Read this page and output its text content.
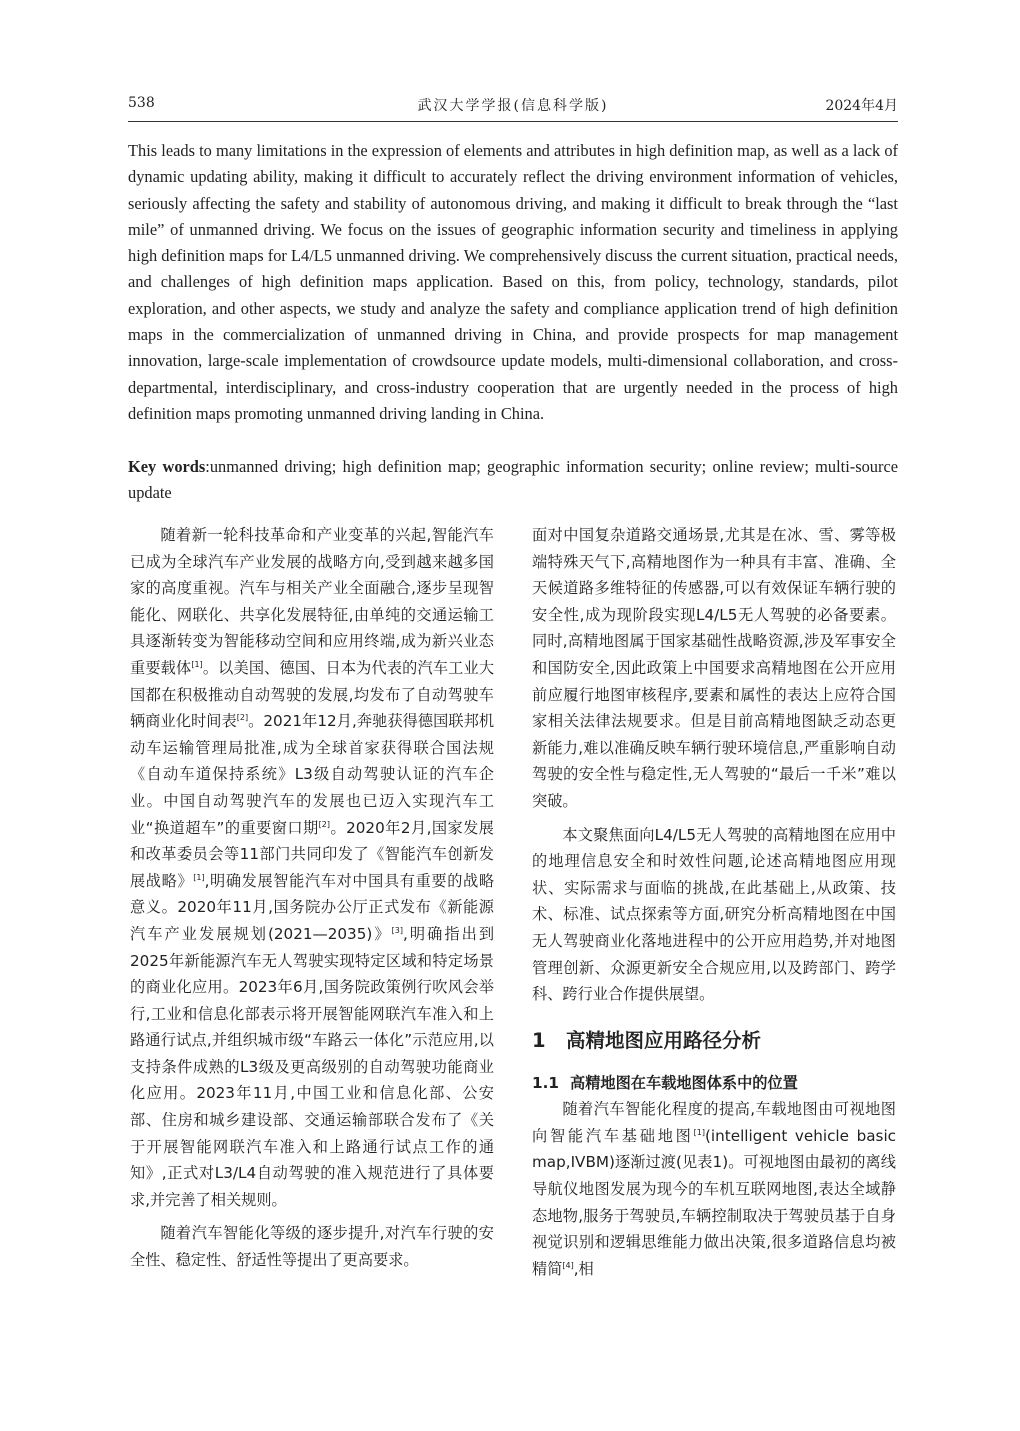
538	武汉大学学报(信息科学版)	2024年4月
This leads to many limitations in the expression of elements and attributes in high definition map, as well as a lack of dynamic updating ability, making it difficult to accurately reflect the driving environment information of vehicles, seriously affecting the safety and stability of autonomous driving, and making it difficult to break through the “last mile” of unmanned driving. We focus on the issues of geographic information security and timeliness in applying high definition maps for L4/L5 unmanned driving. We comprehensively discuss the current situation, practical needs, and challenges of high definition maps application. Based on this, from policy, technology, standards, pilot exploration, and other aspects, we study and analyze the safety and compliance application trend of high definition maps in the commercialization of unmanned driving in China, and provide prospects for map management innovation, large-scale implementation of crowdsource update models, multi-dimensional collaboration, and cross-departmental, interdisciplinary, and cross-industry cooperation that are urgently needed in the process of high definition maps promoting unmanned driving landing in China.
Key words:unmanned driving; high definition map; geographic information security; online review; multi-source update

随着新一轮科技革命和产业变革的兴起,智能汽车已成为全球汽车产业发展的战略方向,受到越来越多国家的高度重视。汽车与相关产业全面融合,逐步呈现智能化、网联化、共享化发展特征,由单纯的交通运输工具逐渐转变为智能移动空间和应用终端,成为新兴业态重要载体[1]。以美国、德国、日本为代表的汽车工业大国都在积极推动自动驾驶的发展,均发布了自动驾驶车辆商业化时间表[2]。2021年12月,奔驰获得德国联邦机动车运输管理局批准,成为全球首家获得联合国法规《自动车道保持系统》L3级自动驾驶认证的汽车企业。中国自动驾驶汽车的发展也已迈入实现汽车工业“换道超车”的重要窗口期[2]。2020年2月,国家发展和改革委员会等11部门共同印发了《智能汽车创新发展战略》[1],明确发展智能汽车对中国具有重要的战略意义。2020年11月,国务院办公厅正式发布《新能源汽车产业发展规划(2021—2035)》[3],明确指出到2025年新能源汽车无人驾驶实现特定区域和特定场景的商业化应用。2023年6月,国务院政策例行吹风会举行,工业和信息化部表示将开展智能网联汽车准入和上路通行试点,并组织城市级“车路云一体化”示范应用,以支持条件成熟的L3级及更高级别的自动驾驶功能商业化应用。2023年11月,中国工业和信息化部、公安部、住房和城乡建设部、交通运输部联合发布了《关于开展智能网联汽车准入和上路通行试点工作的通知》,正式对L3/L4自动驾驶的准入规范进行了具体要求,并完善了相关规则。

随着汽车智能化等级的逐步提升,对汽车行驶的安全性、稳定性、舒适性等提出了更高要求。

面对中国复杂道路交通场景,尤其是在冰、雪、雾等极端特殊天气下,高精地图作为一种具有丰富、准确、全天候道路多维特征的传感器,可以有效保证车辆行驶的安全性,成为现阶段实现L4/L5无人驾驶的必备要素。同时,高精地图属于国家基础性战略资源,涉及军事安全和国防安全,因此政策上中国要求高精地图在公开应用前应履行地图审核程序,要素和属性的表达上应符合国家相关法律法规要求。但是目前高精地图缺乏动态更新能力,难以准确反映车辆行驶环境信息,严重影响自动驾驶的安全性与稳定性,无人驾驶的“最后一千米”难以突破。

本文聚焦面向L4/L5无人驾驶的高精地图在应用中的地理信息安全和时效性问题,论述高精地图应用现状、实际需求与面临的挑战,在此基础上,从政策、技术、标准、试点探索等方面,研究分析高精地图在中国无人驾驶商业化落地进程中的公开应用趋势,并对地图管理创新、众源更新安全合规应用,以及跨部门、跨学科、跨行业合作提供展望。

1 高精地图应用路径分析
1.1 高精地图在车载地图体系中的位置

随着汽车智能化程度的提高,车载地图由可视地图向智能汽车基础地图[1](intelligent vehicle basic map,IVBM)逐渐过渡(见表1)。可视地图由最初的离线导航仪地图发展为现今的车机互联网地图,表达全域静态地物,服务于驾驶员,车辆控制取决于驾驶员基于自身视觉识别和逻辑思维能力做出决策,很多道路信息均被精简[4],相
